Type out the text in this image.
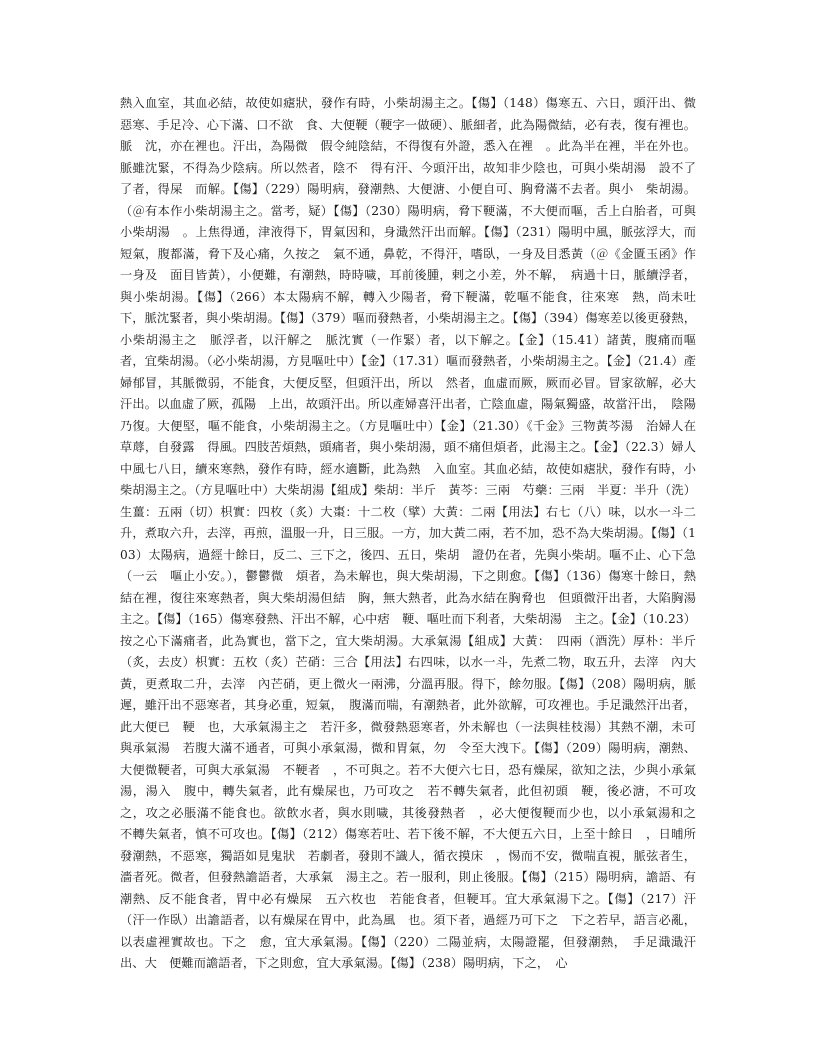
熱入血室，其血必結，故使如瘧狀，發作有時，小柴胡湯主之。【傷】（148）傷寒五、六日，頭汗出、微惡寒、手足冷、心下滿、口不欲　食、大便鞕（鞕字一做硬）、脈細者，此為陽微結，必有表，復有裡也。脈　沈，亦在裡也。汗出，為陽微　假令純陰結，不得復有外證，悉入在裡　。此為半在裡，半在外也。脈雖沈緊，不得為少陰病。所以然者，陰不　得有汗、今頭汗出，故知非少陰也，可與小柴胡湯　設不了了者，得屎　而解。【傷】（229）陽明病，發潮熱、大便溏、小便自可、胸脅滿不去者。與小　柴胡湯。（＠有本作小柴胡湯主之。當考，疑）【傷】（230）陽明病，脅下鞕滿，不大便而嘔，舌上白胎者，可與小柴胡湯　。上焦得通，津液得下，胃氣因和，身濈然汗出而解。【傷】（231）陽明中風，脈弦浮大，而短氣，腹都滿，脅下及心痛，久按之　氣不通，鼻乾，不得汗，嗜臥，一身及目悉黃（＠《金匱玉函》作一身及　面目皆黃），小便難，有潮熱，時時噦，耳前後腫，剌之小差，外不解，　病過十日，脈續浮者，與小柴胡湯。【傷】（266）本太陽病不解，轉入少陽者，脅下鞕滿，乾嘔不能食，往來寒　熱，尚未吐下，脈沈緊者，與小柴胡湯。【傷】（379）嘔而發熱者，小柴胡湯主之。【傷】（394）傷寒差以後更發熱，小柴胡湯主之　脈浮者，以汗解之　脈沈實（一作緊）者，以下解之。【金】（15.41）諸黃，腹痛而嘔者，宜柴胡湯。（必小柴胡湯，方見嘔吐中）【金】（17.31）嘔而發熱者，小柴胡湯主之。【金】（21.4）產婦郁冒，其脈微弱，不能食，大便反堅，但頭汗出，所以　然者，血虛而厥，厥而必冒。冒家欲解，必大汗出。以血虛了厥，孤陽　上出，故頭汗出。所以產婦喜汗出者，亡陰血虛，陽氣獨盛，故當汗出，　陰陽乃復。大便堅，嘔不能食，小柴胡湯主之。（方見嘔吐中）【金】（21.30）《千金》三物黃芩湯　治婦人在草蓐，自發露　得風。四肢苦煩熱，頭痛者，與小柴胡湯，頭不痛但煩者，此湯主之。【金】（22.3）婦人中風七八日，續來寒熱，發作有時，經水適斷，此為熱　入血室。其血必結，故使如瘧狀，發作有時，小柴胡湯主之。（方見嘔吐中）大柴胡湯【組成】柴胡：半斤　黃芩：三兩　芍藥：三兩　半夏：半升（洗）生薑：五兩（切）枳實：四枚（炙）大棗：十二枚（擘）大黃：二兩【用法】右七（八）味，以水一斗二升，煮取六升，去滓，再煎，溫服一升，日三服。一方，加大黃二兩，若不加，恐不為大柴胡湯。【傷】（103）太陽病，過經十餘日，反二、三下之，後四、五日，柴胡　證仍在者，先與小柴胡。嘔不止、心下急（一云　嘔止小安。），鬱鬱微　煩者，為未解也，與大柴胡湯，下之則愈。【傷】（136）傷寒十餘日，熱結在裡，復往來寒熱者，與大柴胡湯但結　胸，無大熱者，此為水結在胸脅也　但頭微汗出者，大陷胸湯主之。【傷】（165）傷寒發熱、汗出不解，心中痞　鞕、嘔吐而下利者，大柴胡湯　主之。【金】（10.23）按之心下滿痛者，此為實也，當下之，宜大柴胡湯。大承氣湯【組成】大黃：　四兩（酒洗）厚朴：半斤（炙，去皮）枳實：五枚（炙）芒硝：三合【用法】右四味，以水一斗，先煮二物，取五升，去滓　內大黃，更煮取二升，去滓　內芒硝，更上微火一兩沸，分溫再服。得下，餘勿服。【傷】（208）陽明病，脈遲，雖汗出不惡寒者，其身必重，短氣，　腹滿而喘，有潮熱者，此外欲解，可攻裡也。手足濈然汗出者，此大便已　鞕　也，大承氣湯主之　若汗多，微發熱惡寒者，外未解也（一法與桂枝湯）其熱不潮，未可與承氣湯　若腹大滿不通者，可與小承氣湯，微和胃氣，勿　令至大洩下。【傷】（209）陽明病，潮熱、大便微鞕者，可與大承氣湯　不鞕者　，不可與之。若不大便六七日，恐有燥屎，欲知之法，少與小承氣湯，湯入　腹中，轉失氣者，此有燥屎也，乃可攻之　若不轉失氣者，此但初頭　鞕，後必溏，不可攻之，攻之必脹滿不能食也。欲飲水者，與水則噦，其後發熱者　，必大便復鞕而少也，以小承氣湯和之　不轉失氣者，慎不可攻也。【傷】（212）傷寒若吐、若下後不解，不大便五六日，上至十餘日　，日晡所發潮熱，不惡寒，獨語如見鬼狀　若劇者，發則不識人，循衣摸床　，惕而不安，微喘直視，脈弦者生，濇者死。微者，但發熱譫語者，大承氣　湯主之。若一服利，則止後服。【傷】（215）陽明病，譫語、有潮熱、反不能食者，胃中必有燥屎　五六枚也　若能食者，但鞕耳。宜大承氣湯下之。【傷】（217）汗（汗一作臥）出譫語者，以有燥屎在胃中，此為風　也。須下者，過經乃可下之　下之若早，語言必亂，以表虛裡實故也。下之　愈，宜大承氣湯。【傷】（220）二陽並病，太陽證罷，但發潮熱，　手足濈濈汗出、大　便難而譫語者，下之則愈，宜大承氣湯。【傷】（238）陽明病，下之，　心
